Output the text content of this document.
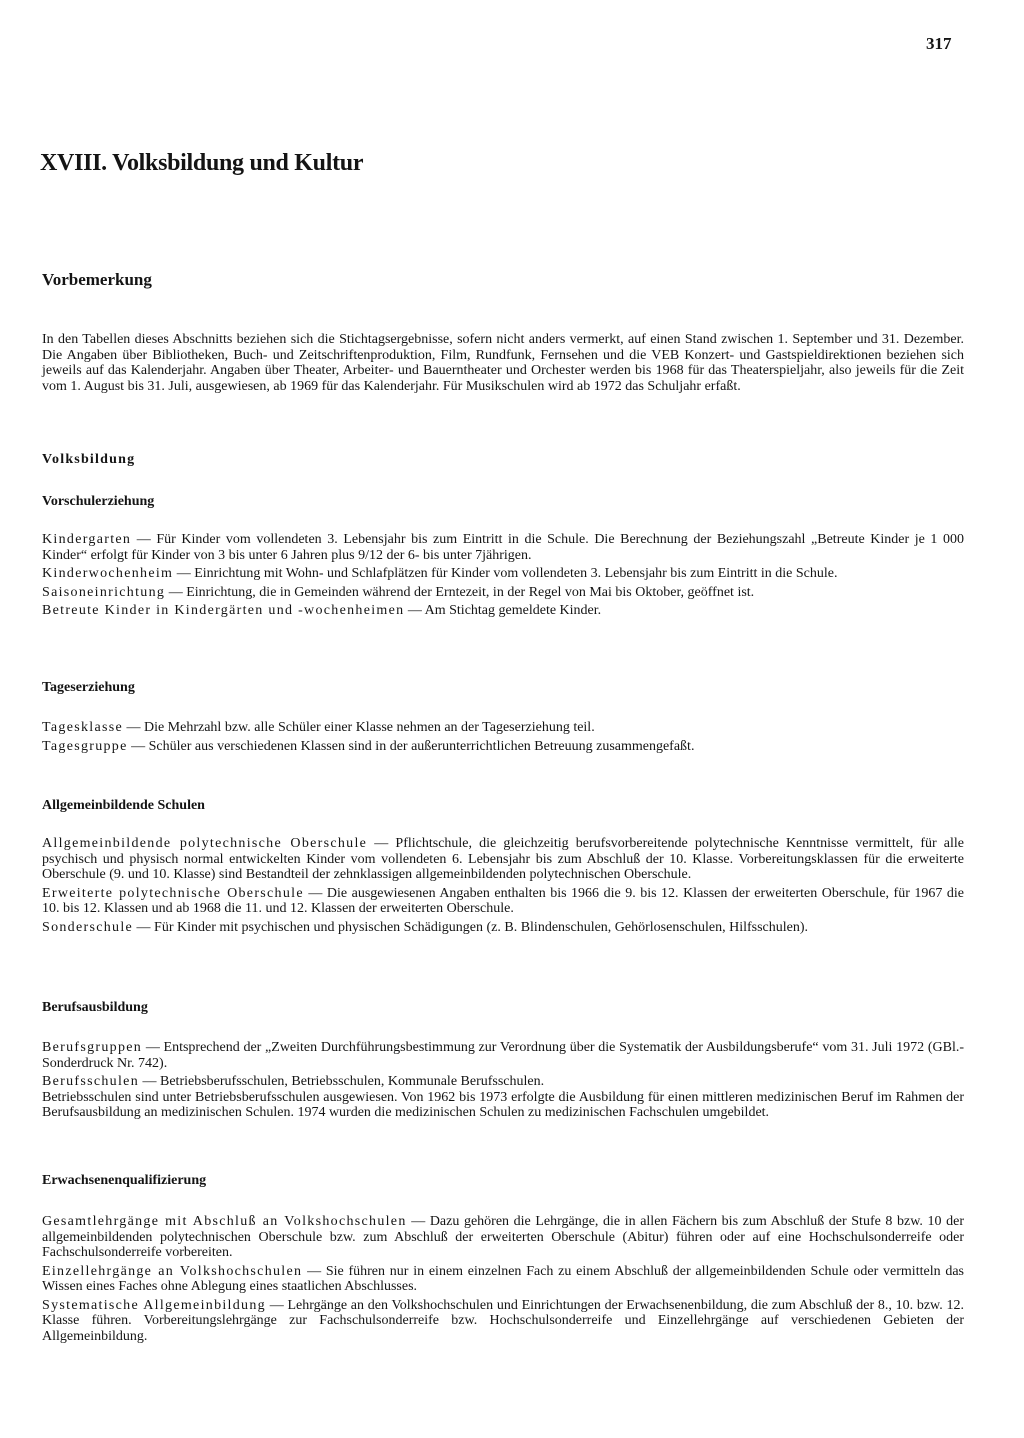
317
XVIII. Volksbildung und Kultur
Vorbemerkung

In den Tabellen dieses Abschnitts beziehen sich die Stichtagsergebnisse, sofern nicht anders vermerkt, auf einen Stand zwischen 1. September und 31. Dezember. Die Angaben über Bibliotheken, Buch- und Zeitschriftenproduktion, Film, Rundfunk, Fernsehen und die VEB Konzert- und Gastspieldirektionen beziehen sich jeweils auf das Kalenderjahr. Angaben über Theater, Arbeiter- und Bauerntheater und Orchester werden bis 1968 für das Theaterspieljahr, also jeweils für die Zeit vom 1. August bis 31. Juli, ausgewiesen, ab 1969 für das Kalenderjahr. Für Musikschulen wird ab 1972 das Schuljahr erfaßt.

Volksbildung
Vorschulerziehung

Kindergarten — Für Kinder vom vollendeten 3. Lebensjahr bis zum Eintritt in die Schule. Die Berechnung der Beziehungszahl „Betreute Kinder je 1 000 Kinder“ erfolgt für Kinder von 3 bis unter 6 Jahren plus 9/12 der 6- bis unter 7jährigen.

Kinderwochenheim — Einrichtung mit Wohn- und Schlafplätzen für Kinder vom vollendeten 3. Lebensjahr bis zum Eintritt in die Schule.

Saisoneinrichtung — Einrichtung, die in Gemeinden während der Erntezeit, in der Regel von Mai bis Oktober, geöffnet ist.

Betreute Kinder in Kindergärten und -wochenheimen — Am Stichtag gemeldete Kinder.

Tageserziehung

Tagesklasse — Die Mehrzahl bzw. alle Schüler einer Klasse nehmen an der Tageserziehung teil.

Tagesgruppe — Schüler aus verschiedenen Klassen sind in der außerunterrichtlichen Betreuung zusammengefaßt.

Allgemeinbildende Schulen

Allgemeinbildende polytechnische Oberschule — Pflichtschule, die gleichzeitig berufsvorbereitende polytechnische Kenntnisse vermittelt, für alle psychisch und physisch normal entwickelten Kinder vom vollendeten 6. Lebensjahr bis zum Abschluß der 10. Klasse. Vorbereitungsklassen für die erweiterte Oberschule (9. und 10. Klasse) sind Bestandteil der zehnklassigen allgemeinbildenden polytechnischen Oberschule.

Erweiterte polytechnische Oberschule — Die ausgewiesenen Angaben enthalten bis 1966 die 9. bis 12. Klassen der erweiterten Oberschule, für 1967 die 10. bis 12. Klassen und ab 1968 die 11. und 12. Klassen der erweiterten Oberschule.

Sonderschule — Für Kinder mit psychischen und physischen Schädigungen (z. B. Blindenschulen, Gehörlosenschulen, Hilfsschulen).

Berufsausbildung

Berufsgruppen — Entsprechend der „Zweiten Durchführungsbestimmung zur Verordnung über die Systematik der Ausbildungsberufe“ vom 31. Juli 1972 (GBl.-Sonderdruck Nr. 742).

Berufsschulen — Betriebsberufsschulen, Betriebsschulen, Kommunale Berufsschulen.

Betriebsschulen sind unter Betriebsberufsschulen ausgewiesen. Von 1962 bis 1973 erfolgte die Ausbildung für einen mittleren medizinischen Beruf im Rahmen der Berufsausbildung an medizinischen Schulen. 1974 wurden die medizinischen Schulen zu medizinischen Fachschulen umgebildet.

Erwachsenenqualifizierung

Gesamtlehrgänge mit Abschluß an Volkshochschulen — Dazu gehören die Lehrgänge, die in allen Fächern bis zum Abschluß der Stufe 8 bzw. 10 der allgemeinbildenden polytechnischen Oberschule bzw. zum Abschluß der erweiterten Oberschule (Abitur) führen oder auf eine Hochschulsonderreife oder Fachschulsonderreife vorbereiten.

Einzellehrgänge an Volkshochschulen — Sie führen nur in einem einzelnen Fach zu einem Abschluß der allgemeinbildenden Schule oder vermitteln das Wissen eines Faches ohne Ablegung eines staatlichen Abschlusses.

Systematische Allgemeinbildung — Lehrgänge an den Volkshochschulen und Einrichtungen der Erwachsenenbildung, die zum Abschluß der 8., 10. bzw. 12. Klasse führen. Vorbereitungslehrgänge zur Fachschulsonderreife bzw. Hochschulsonderreife und Einzellehrgänge auf verschiedenen Gebieten der Allgemeinbildung.
